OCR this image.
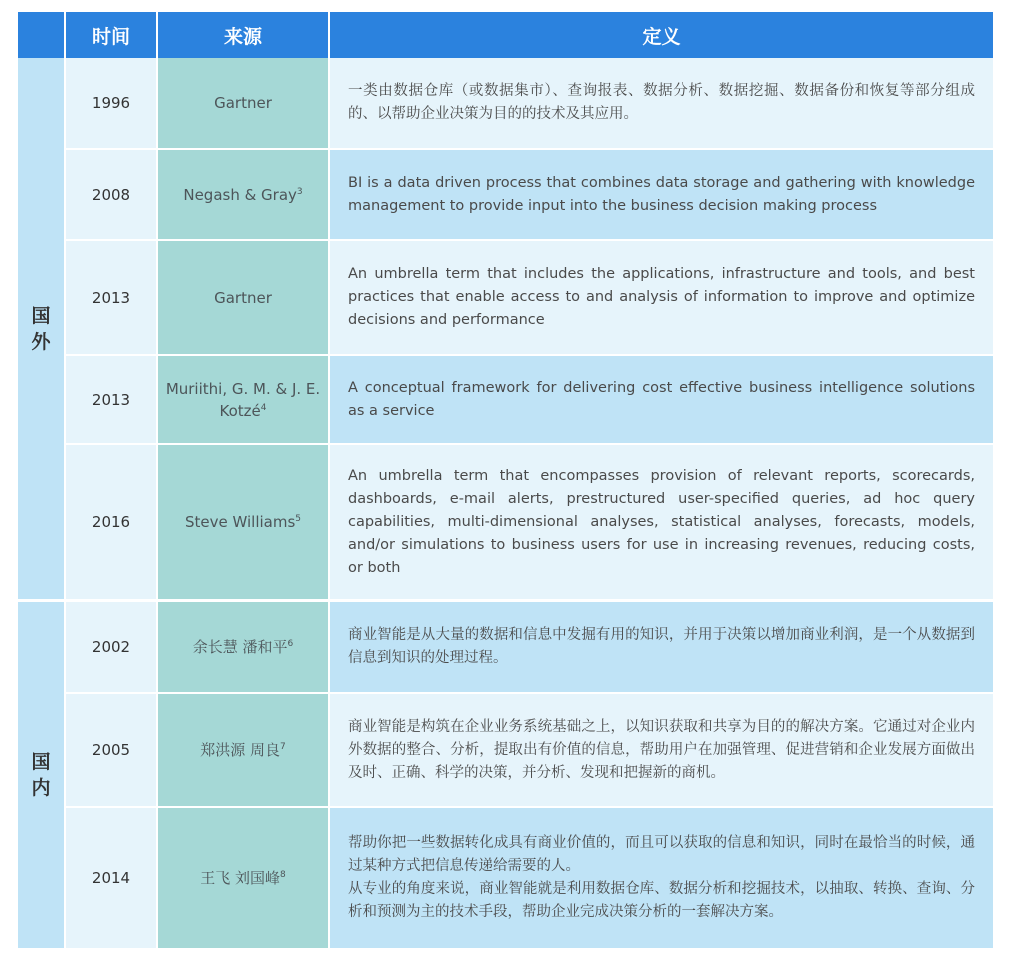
	时间	来源	定义
国外	1996	Gartner	一类由数据仓库（或数据集市）、查询报表、数据分析、数据挖掘、数据备份和恢复等部分组成的、以帮助企业决策为目的的技术及其应用。

	2008	Negash & Gray$^3$	BI is a data driven process that combines data storage and gathering with knowledge management to provide input into the business decision making process

	2013	Gartner	An umbrella term that includes the applications, infrastructure and tools, and best practices that enable access to and analysis of information to improve and optimize decisions and performance

	2013	Muriithi, G. M. & J. E. Kotzé$^4$	A conceptual framework for delivering cost effective business intelligence solutions as a service

	2016	Steve Williams$^5$	An umbrella term that encompasses provision of relevant reports, scorecards, dashboards, e-mail alerts, prestructured user-specified queries, ad hoc query capabilities, multi-dimensional analyses, statistical analyses, forecasts, models, and/or simulations to business users for use in increasing revenues, reducing costs, or both

国内	2002	余长慧 潘和平$^6$	商业智能是从大量的数据和信息中发掘有用的知识，并用于决策以增加商业利润，是一个从数据到信息到知识的处理过程。

	2005	郑洪源 周良$^7$	商业智能是构筑在企业业务系统基础之上，以知识获取和共享为目的的解决方案。它通过对企业内外数据的整合、分析，提取出有价值的信息，帮助用户在加强管理、促进营销和企业发展方面做出及时、正确、科学的决策，并分析、发现和把握新的商机。

	2014	王飞 刘国峰$^8$	帮助你把一些数据转化成具有商业价值的，而且可以获取的信息和知识，同时在最恰当的时候，通过某种方式把信息传递给需要的人。
从专业的角度来说，商业智能就是利用数据仓库、数据分析和挖掘技术，以抽取、转换、查询、分析和预测为主的技术手段，帮助企业完成决策分析的一套解决方案。
